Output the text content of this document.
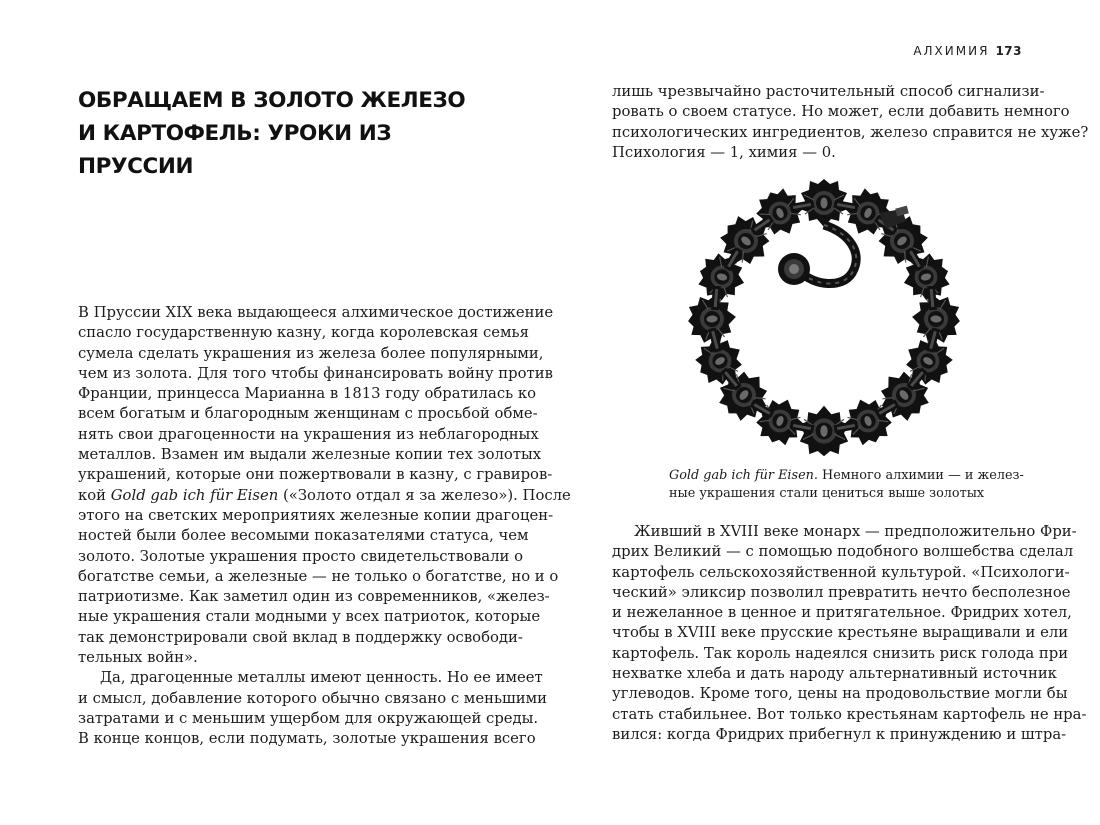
АЛХИМИЯ 173
ОБРАЩАЕМ В ЗОЛОТО ЖЕЛЕЗО
И КАРТОФЕЛЬ: УРОКИ ИЗ ПРУССИИ
В Пруссии XIX века выдающееся алхимическое достижение
спасло государственную казну, когда королевская семья
сумела сделать украшения из железа более популярными,
чем из золота. Для того чтобы финансировать войну против
Франции, принцесса Марианна в 1813 году обратилась ко
всем богатым и благородным женщинам с просьбой обме-
нять свои драгоценности на украшения из неблагородных
металлов. Взамен им выдали железные копии тех золотых
украшений, которые они пожертвовали в казну, с гравиров-
кой Gold gab ich für Eisen («Золото отдал я за железо»). После
этого на светских мероприятиях железные копии драгоцен-
ностей были более весомыми показателями статуса, чем
золото. Золотые украшения просто свидетельствовали о
богатстве семьи, а железные — не только о богатстве, но и о
патриотизме. Как заметил один из современников, «желез-
ные украшения стали модными у всех патриоток, которые
так демонстрировали свой вклад в поддержку освободи-
тельных войн».
Да, драгоценные металлы имеют ценность. Но ее имеет
и смысл, добавление которого обычно связано с меньшими
затратами и с меньшим ущербом для окружающей среды.
В конце концов, если подумать, золотые украшения всего
лишь чрезвычайно расточительный способ сигнализи-
ровать о своем статусе. Но может, если добавить немного
психологических ингредиентов, железо справится не хуже?
Психология — 1, химия — 0.
Gold gab ich für Eisen. Немного алхимии — и желез-
ные украшения стали цениться выше золотых
Живший в XVIII веке монарх — предположительно Фри-
дрих Великий — с помощью подобного волшебства сделал
картофель сельскохозяйственной культурой. «Психологи-
ческий» эликсир позволил превратить нечто бесполезное
и нежеланное в ценное и притягательное. Фридрих хотел,
чтобы в XVIII веке прусские крестьяне выращивали и ели
картофель. Так король надеялся снизить риск голода при
нехватке хлеба и дать народу альтернативный источник
углеводов. Кроме того, цены на продовольствие могли бы
стать стабильнее. Вот только крестьянам картофель не нра-
вился: когда Фридрих прибегнул к принуждению и штра-
